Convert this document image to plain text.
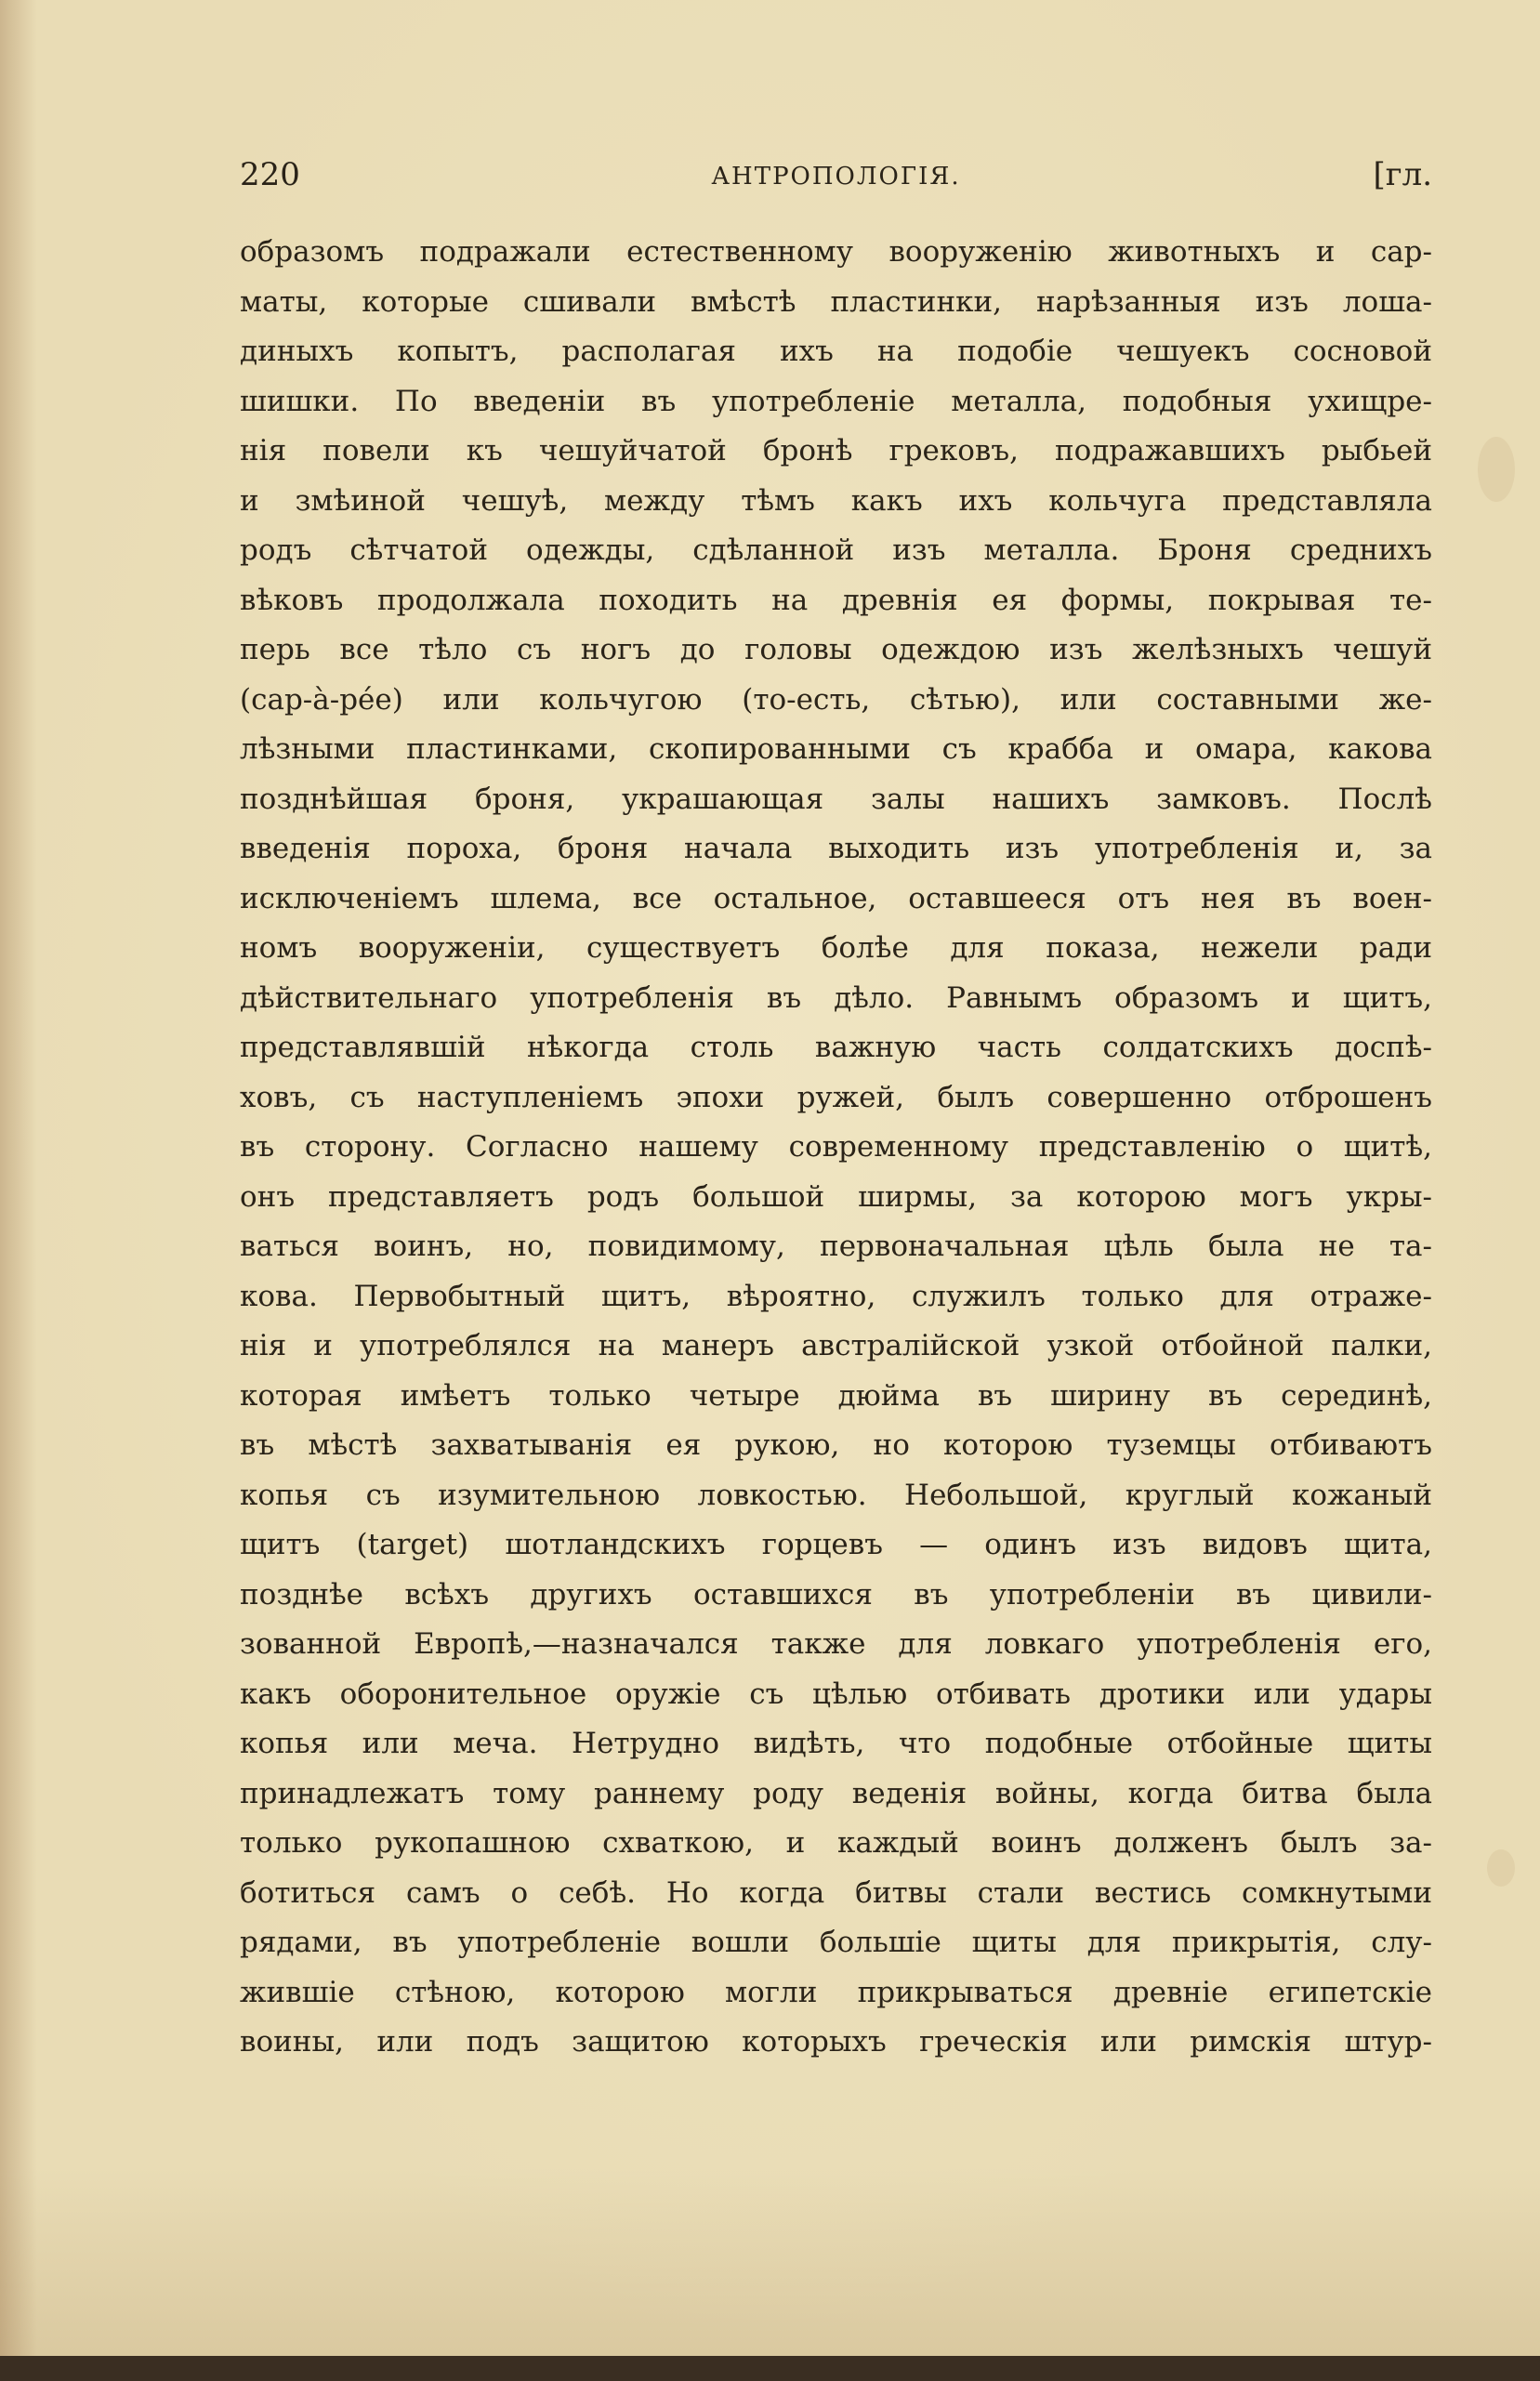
220	АНТРОПОЛОГІЯ.	[гл.
образомъ подражали естественному вооруженію животныхъ и сар-
маты, которые сшивали вмѣстѣ пластинки, нарѣзанныя изъ лоша-
диныхъ копытъ, располагая ихъ на подобіе чешуекъ сосновой
шишки. По введеніи въ употребленіе металла, подобныя ухищре-
нія повели къ чешуйчатой бронѣ грековъ, подражавшихъ рыбьей
и змѣиной чешуѣ, между тѣмъ какъ ихъ кольчуга представляла
родъ сѣтчатой одежды, сдѣланной изъ металла. Броня среднихъ
вѣковъ продолжала походить на древнія ея формы, покрывая те-
перь все тѣло съ ногъ до головы одеждою изъ желѣзныхъ чешуй
(cap-à-pée) или кольчугою (то-есть, сѣтью), или составными же-
лѣзными пластинками, скопированными съ крабба и омара, какова
позднѣйшая броня, украшающая залы нашихъ замковъ. Послѣ
введенія пороха, броня начала выходить изъ употребленія и, за
исключеніемъ шлема, все остальное, оставшееся отъ нея въ воен-
номъ вооруженіи, существуетъ болѣе для показа, нежели ради
дѣйствительнаго употребленія въ дѣло. Равнымъ образомъ и щитъ,
представлявшій нѣкогда столь важную часть солдатскихъ доспѣ-
ховъ, съ наступленіемъ эпохи ружей, былъ совершенно отброшенъ
въ сторону. Согласно нашему современному представленію о щитѣ,
онъ представляетъ родъ большой ширмы, за которою могъ укры-
ваться воинъ, но, повидимому, первоначальная цѣль была не та-
кова. Первобытный щитъ, вѣроятно, служилъ только для отраже-
нія и употреблялся на манеръ австралійской узкой отбойной палки,
которая имѣетъ только четыре дюйма въ ширину въ серединѣ,
въ мѣстѣ захватыванія ея рукою, но которою туземцы отбиваютъ
копья съ изумительною ловкостью. Небольшой, круглый кожаный
щитъ (target) шотландскихъ горцевъ — одинъ изъ видовъ щита,
позднѣе всѣхъ другихъ оставшихся въ употребленіи въ цивили-
зованной Европѣ,—назначался также для ловкаго употребленія его,
какъ оборонительное оружіе съ цѣлью отбивать дротики или удары
копья или меча. Нетрудно видѣть, что подобные отбойные щиты
принадлежатъ тому раннему роду веденія войны, когда битва была
только рукопашною схваткою, и каждый воинъ долженъ былъ за-
ботиться самъ о себѣ. Но когда битвы стали вестись сомкнутыми
рядами, въ употребленіе вошли большіе щиты для прикрытія, слу-
жившіе стѣною, которою могли прикрываться древніе египетскіе
воины, или подъ защитою которыхъ греческія или римскія штур-
